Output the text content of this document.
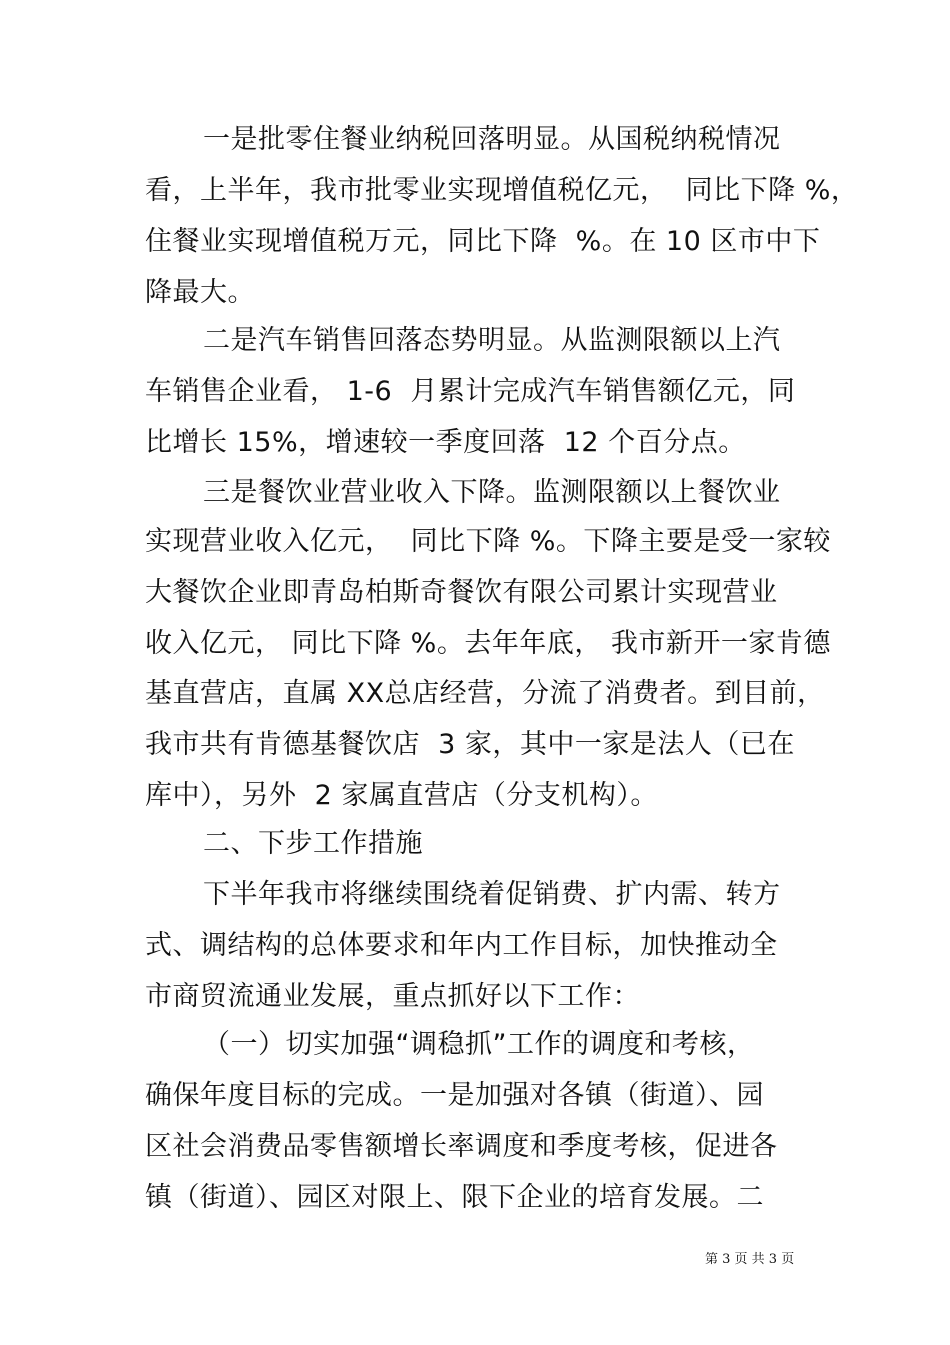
一是批零住餐业纳税回落明显。从国税纳税情况
看，上半年，我市批零业实现增值税亿元，  同比下降 %，
住餐业实现增值税万元，同比下降  %。在 10 区市中下
降最大。
二是汽车销售回落态势明显。从监测限额以上汽
车销售企业看， 1-6  月累计完成汽车销售额亿元，同
比增长 15%，增速较一季度回落  12 个百分点。
三是餐饮业营业收入下降。监测限额以上餐饮业
实现营业收入亿元，  同比下降 %。下降主要是受一家较
大餐饮企业即青岛柏斯奇餐饮有限公司累计实现营业
收入亿元， 同比下降 %。去年年底， 我市新开一家肯德
基直营店，直属 XX总店经营，分流了消费者。到目前，
我市共有肯德基餐饮店  3 家，其中一家是法人（已在
库中），另外  2 家属直营店（分支机构）。
二、下步工作措施
下半年我市将继续围绕着促销费、扩内需、转方
式、调结构的总体要求和年内工作目标，加快推动全
市商贸流通业发展，重点抓好以下工作：
（一）切实加强“调稳抓”工作的调度和考核，
确保年度目标的完成。一是加强对各镇（街道）、园
区社会消费品零售额增长率调度和季度考核，促进各
镇（街道）、园区对限上、限下企业的培育发展。二

第 3 页 共 3 页
